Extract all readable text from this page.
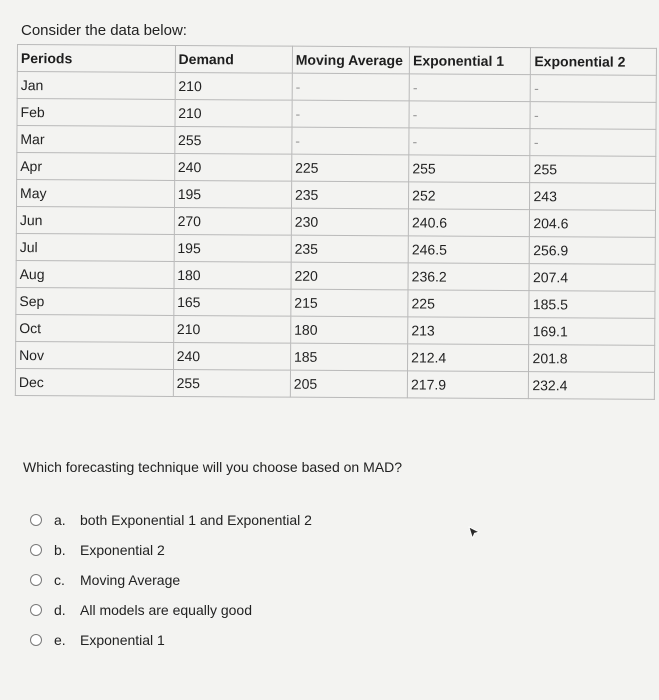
Consider the data below:
Periods	Demand	Moving Average	Exponential 1	Exponential 2
Jan	210	-	-	-
Feb	210	-	-	-
Mar	255	-	-	-
Apr	240	225	255	255
May	195	235	252	243
Jun	270	230	240.6	204.6
Jul	195	235	246.5	256.9
Aug	180	220	236.2	207.4
Sep	165	215	225	185.5
Oct	210	180	213	169.1
Nov	240	185	212.4	201.8
Dec	255	205	217.9	232.4
Which forecasting technique will you choose based on MAD?
a.	both Exponential 1 and Exponential 2
b.	Exponential 2
c.	Moving Average
d.	All models are equally good
e.	Exponential 1
